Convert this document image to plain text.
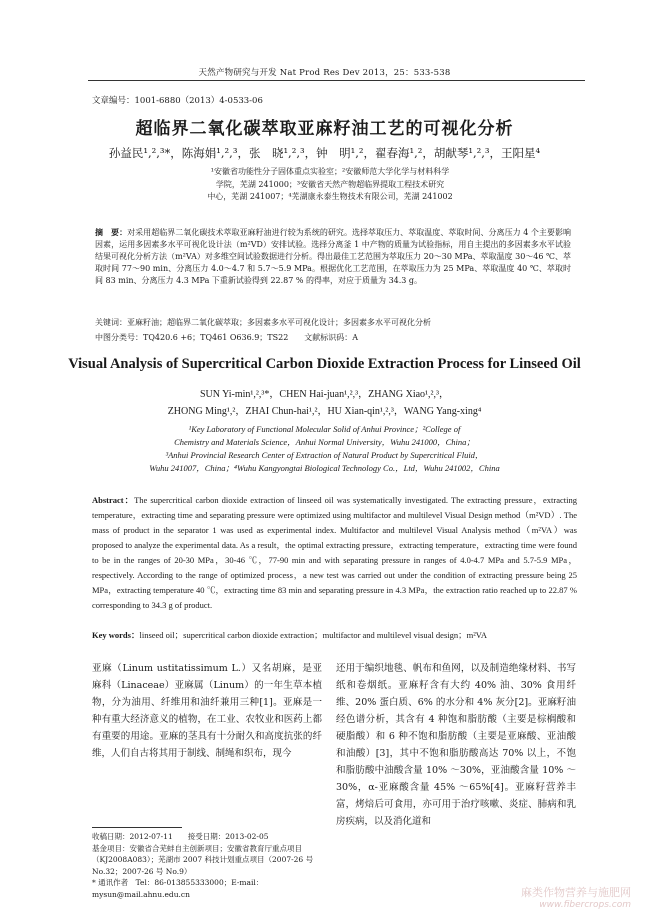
天然产物研究与开发 Nat Prod Res Dev 2013，25：533-538
文章编号：1001-6880（2013）4-0533-06
超临界二氧化碳萃取亚麻籽油工艺的可视化分析
孙益民¹,²,³*，陈海娟¹,²,³，张　晓¹,²,³，钟　明¹,²，翟春海¹,²，胡献琴¹,²,³，王阳星⁴
¹安徽省功能性分子固体重点实验室；²安徽师范大学化学与材料科学
学院，芜湖 241000；³安徽省天然产物超临界提取工程技术研究
中心，芜湖 241007；⁴芜湖康永泰生物技术有限公司，芜湖 241002
摘　要：对采用超临界二氧化碳技术萃取亚麻籽油进行较为系统的研究。选择萃取压力、萃取温度、萃取时间、分离压力 4 个主要影响因素，运用多因素多水平可视化设计法（m²VD）安排试验。选择分离釜 1 中产物的质量为试验指标，用自主提出的多因素多水平试验结果可视化分析方法（m²VA）对多维空间试验数据进行分析。得出最佳工艺范围为萃取压力 20～30 MPa、萃取温度 30～46 ℃、萃取时间 77～90 min、分离压力 4.0～4.7 和 5.7～5.9 MPa。根据优化工艺范围，在萃取压力为 25 MPa、萃取温度 40 ℃、萃取时间 83 min、分离压力 4.3 MPa 下重新试验得到 22.87 % 的得率，对应于质量为 34.3 g。
关键词：亚麻籽油；超临界二氧化碳萃取；多因素多水平可视化设计；多因素多水平可视化分析
中图分类号：TQ420.6 +6；TQ461 O636.9；TS22　　文献标识码：A
Visual Analysis of Supercritical Carbon Dioxide Extraction Process for Linseed Oil
SUN Yi-min¹,²,³*，CHEN Hai-juan¹,²,³，ZHANG Xiao¹,²,³，
ZHONG Ming¹,²，ZHAI Chun-hai¹,²，HU Xian-qin¹,²,³，WANG Yang-xing⁴
¹Key Laboratory of Functional Molecular Solid of Anhui Province；²College of
Chemistry and Materials Science，Anhui Normal University，Wuhu 241000，China；
³Anhui Provincial Research Center of Extraction of Natural Product by Supercritical Fluid，
Wuhu 241007，China；⁴Wuhu Kangyongtai Biological Technology Co.，Ltd，Wuhu 241002，China
Abstract：The supercritical carbon dioxide extraction of linseed oil was systematically investigated. The extracting pressure，extracting temperature，extracting time and separating pressure were optimized using multifactor and multilevel Visual Design method（m²VD）. The mass of product in the separator 1 was used as experimental index. Multifactor and multilevel Visual Analysis method（m²VA）was proposed to analyze the experimental data. As a result，the optimal extracting pressure，extracting temperature，extracting time were found to be in the ranges of 20-30 MPa，30-46 ℃，77-90 min and with separating pressure in ranges of 4.0-4.7 MPa and 5.7-5.9 MPa，respectively. According to the range of optimized process，a new test was carried out under the condition of extracting pressure being 25 MPa，extracting temperature 40 ℃，extracting time 83 min and separating pressure in 4.3 MPa，the extraction ratio reached up to 22.87 % corresponding to 34.3 g of product.
Key words：linseed oil；supercritical carbon dioxide extraction；multifactor and multilevel visual design；m²VA

亚麻（Linum ustitatissimum L.）又名胡麻，是亚麻科（Linaceae）亚麻属（Linum）的一年生草本植物，分为油用、纤维用和油纤兼用三种[1]。亚麻是一种有重大经济意义的植物，在工业、农牧业和医药上都有重要的用途。亚麻的茎具有十分耐久和高度抗张的纤维，人们自古将其用于制线、制绳和织布，现今

还用于编织地毯、帆布和鱼网，以及制造绝缘材料、书写纸和卷烟纸。亚麻籽含有大约 40% 油、30% 食用纤维、20% 蛋白质、6% 的水分和 4% 灰分[2]。亚麻籽油经色谱分析，其含有 4 种饱和脂肪酸（主要是棕榈酸和硬脂酸）和 6 种不饱和脂肪酸（主要是亚麻酸、亚油酸和油酸）[3]，其中不饱和脂肪酸高达 70% 以上，不饱和脂肪酸中油酸含量 10% ～30%，亚油酸含量 10% ～30%，α-亚麻酸含量 45% ～65%[4]。亚麻籽营养丰富，烤焙后可食用，亦可用于治疗咳嗽、炎症、肺病和乳房疾病，以及消化道和

收稿日期：2012-07-11　　接受日期：2013-02-05

基金项目：安徽省合芜蚌自主创新项目；安徽省教育厅重点项目（KJ2008A083）；芜湖市 2007 科技计划重点项目（2007-26 号 No.32；2007-26 号 No.9）

* 通讯作者　Tel：86-013855333000；E-mail：mysun@mail.ahnu.edu.cn	麻类作物营养与施肥网
www.fibercrops.com
